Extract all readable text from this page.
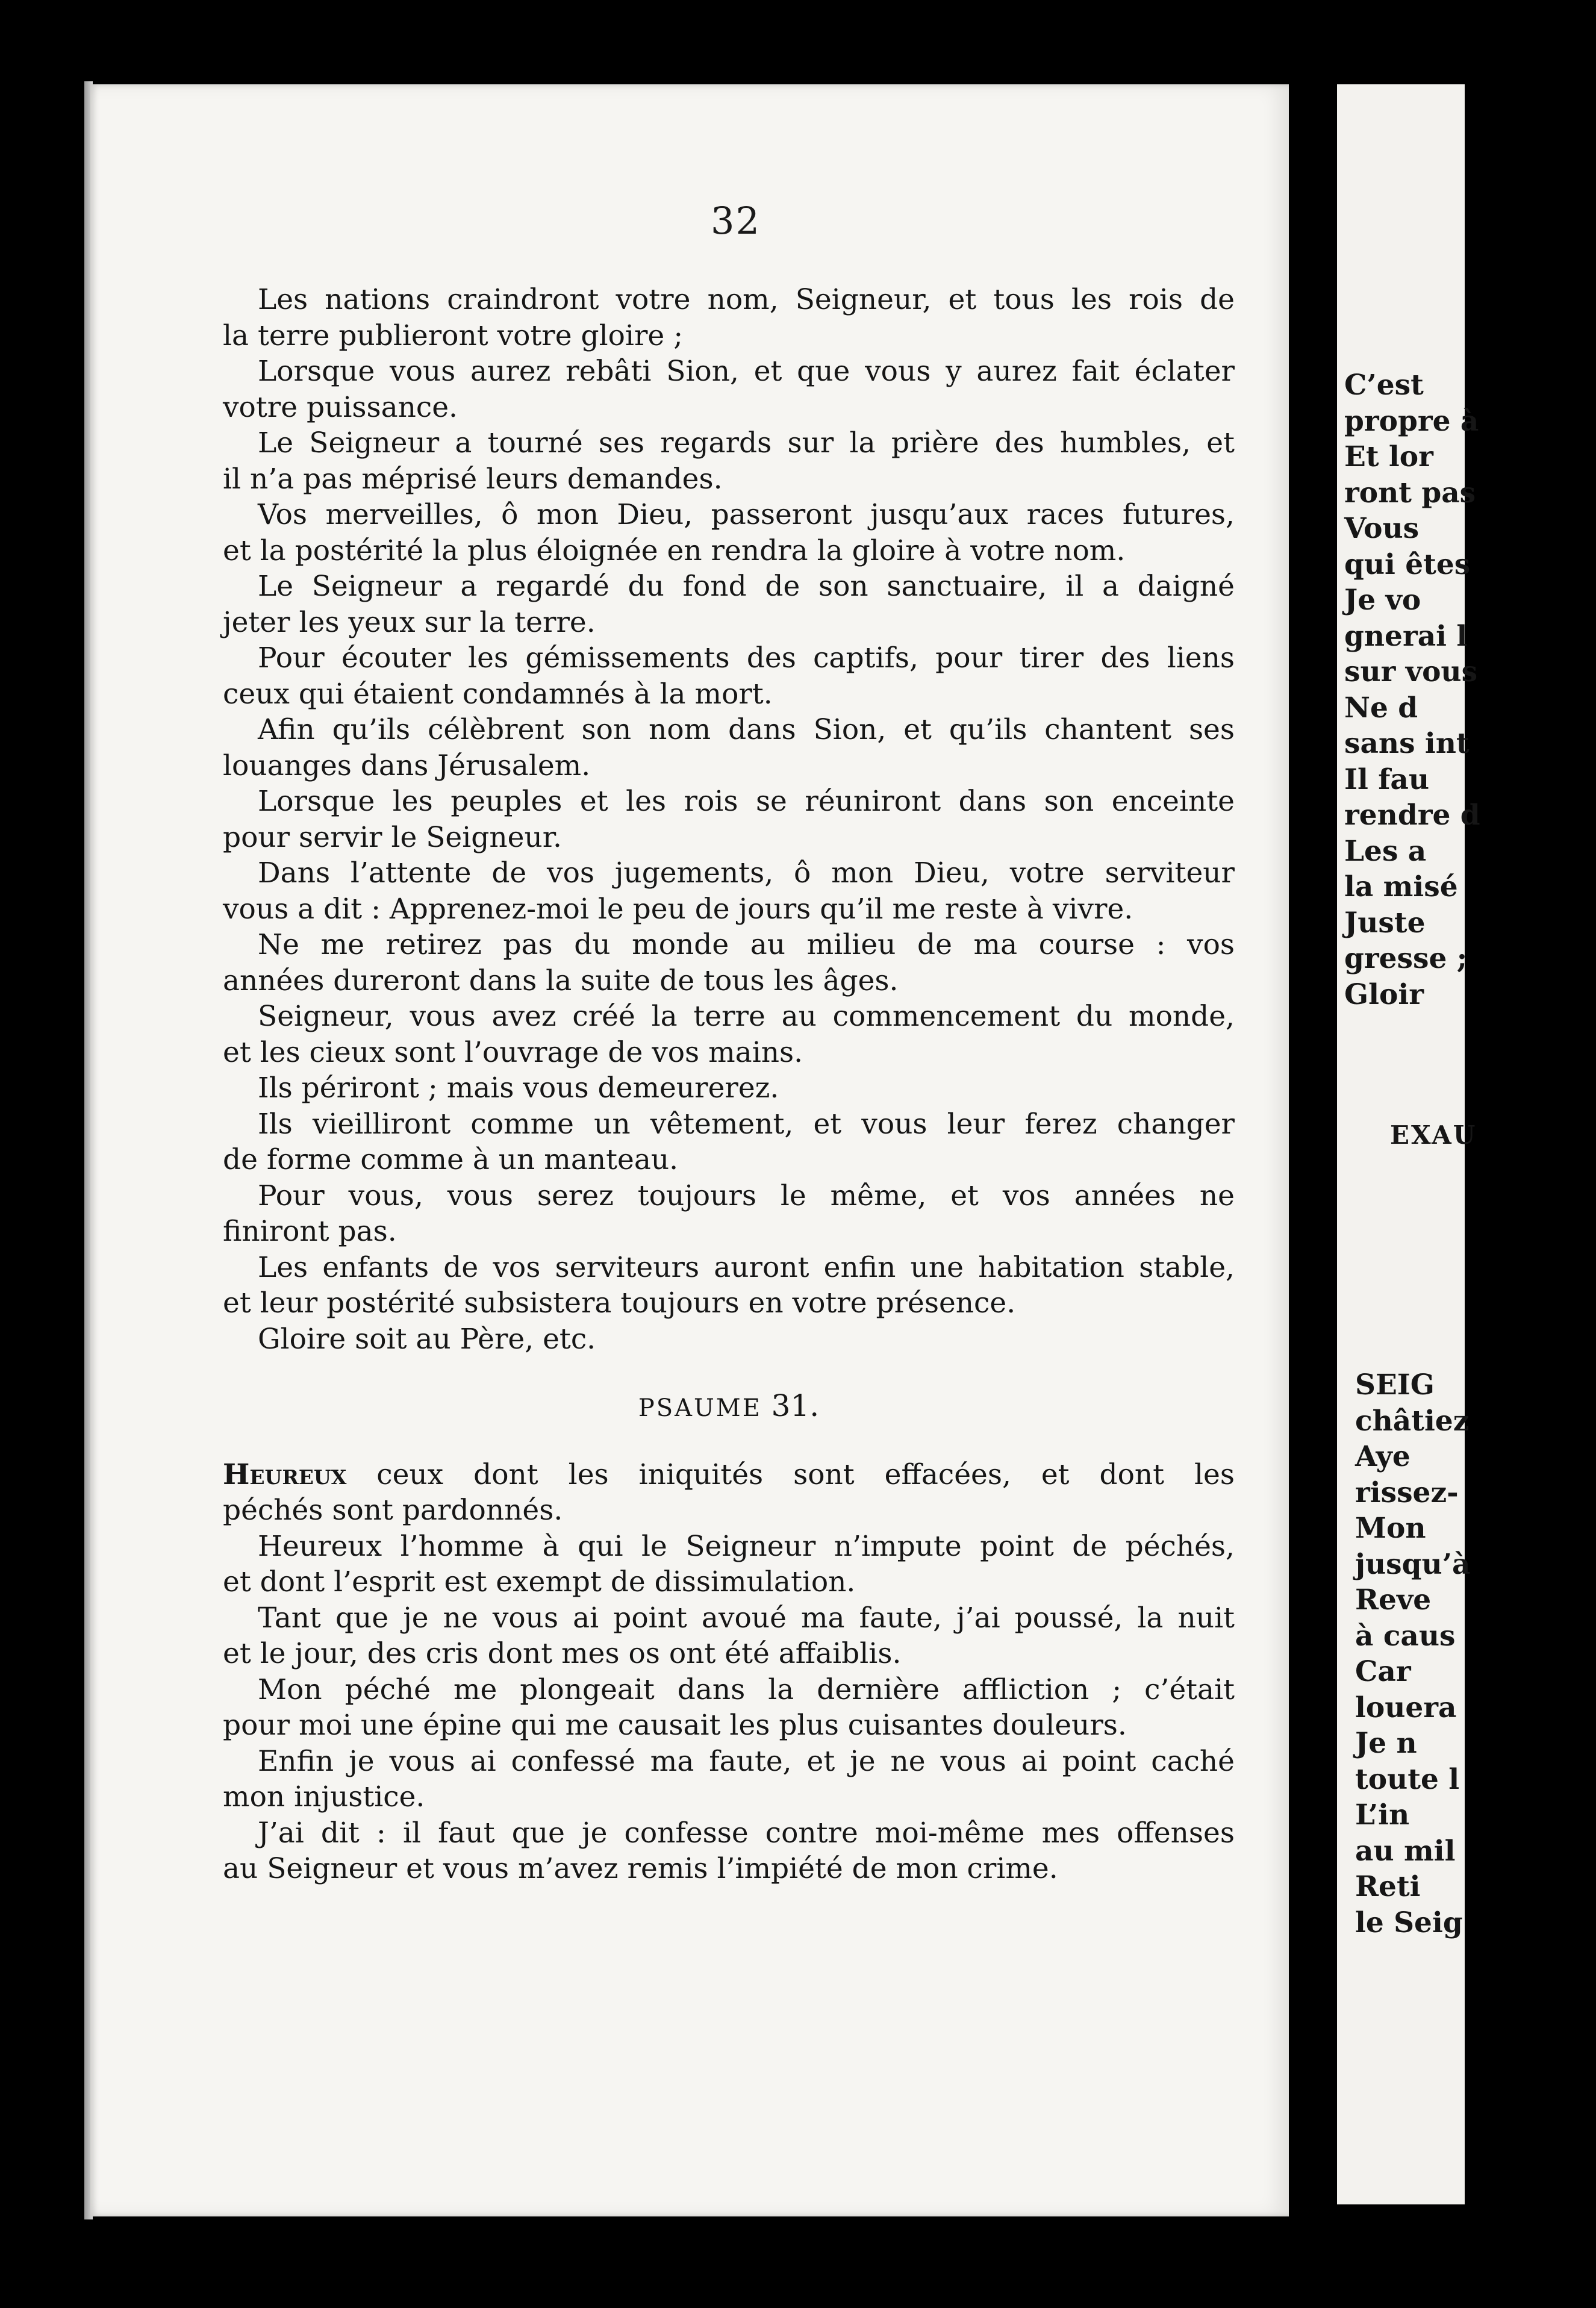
C’est
propre à
Et lor
ront pas
Vous
qui êtes
Je vo
gnerai l
sur vous
Ne d
sans int
Il fau
rendre d
Les a
la misé
Juste
gresse ;
Gloir
EXAU
SEIG
châtiez
Aye
rissez-
Mon
jusqu’à
Reve
à caus
Car
louera
Je n
toute l
L’in
au mil
Reti
le Seig
32
Les nations craindront votre nom, Seigneur, et tous les rois de
la terre publieront votre gloire ;
Lorsque vous aurez rebâti Sion, et que vous y aurez fait éclater
votre puissance.
Le Seigneur a tourné ses regards sur la prière des humbles, et
il n’a pas méprisé leurs demandes.
Vos merveilles, ô mon Dieu, passeront jusqu’aux races futures,
et la postérité la plus éloignée en rendra la gloire à votre nom.
Le Seigneur a regardé du fond de son sanctuaire, il a daigné
jeter les yeux sur la terre.
Pour écouter les gémissements des captifs, pour tirer des liens
ceux qui étaient condamnés à la mort.
Afin qu’ils célèbrent son nom dans Sion, et qu’ils chantent ses
louanges dans Jérusalem.
Lorsque les peuples et les rois se réuniront dans son enceinte
pour servir le Seigneur.
Dans l’attente de vos jugements, ô mon Dieu, votre serviteur
vous a dit : Apprenez-moi le peu de jours qu’il me reste à vivre.
Ne me retirez pas du monde au milieu de ma course : vos
années dureront dans la suite de tous les âges.
Seigneur, vous avez créé la terre au commencement du monde,
et les cieux sont l’ouvrage de vos mains.
Ils périront ; mais vous demeurerez.
Ils vieilliront comme un vêtement, et vous leur ferez changer
de forme comme à un manteau.
Pour vous, vous serez toujours le même, et vos années ne
finiront pas.
Les enfants de vos serviteurs auront enfin une habitation stable,
et leur postérité subsistera toujours en votre présence.
Gloire soit au Père, etc.
PSAUME 31.
Heureux ceux dont les iniquités sont effacées, et dont les
péchés sont pardonnés.
Heureux l’homme à qui le Seigneur n’impute point de péchés,
et dont l’esprit est exempt de dissimulation.
Tant que je ne vous ai point avoué ma faute, j’ai poussé, la nuit
et le jour, des cris dont mes os ont été affaiblis.
Mon péché me plongeait dans la dernière affliction ; c’était
pour moi une épine qui me causait les plus cuisantes douleurs.
Enfin je vous ai confessé ma faute, et je ne vous ai point caché
mon injustice.
J’ai dit : il faut que je confesse contre moi-même mes offenses
au Seigneur et vous m’avez remis l’impiété de mon crime.
